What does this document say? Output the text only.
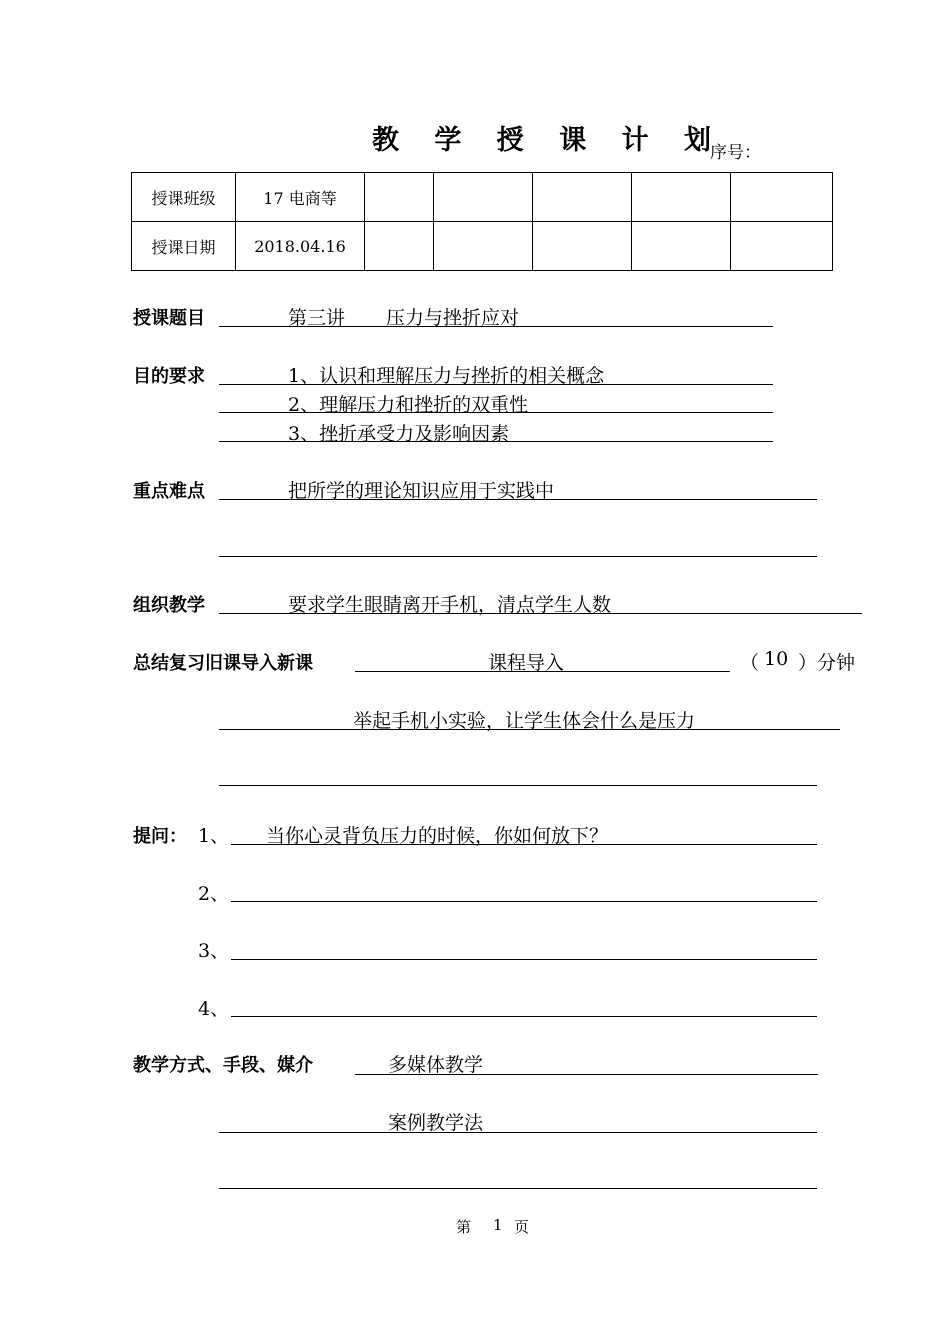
教 学 授 课 计 划
序号：
授课班级	17 电商等					
授课日期	2018.04.16					
授课题目	第三讲 压力与挫折应对
目的要求	1、认识和理解压力与挫折的相关概念
2、理解压力和挫折的双重性
3、挫折承受力及影响因素
重点难点	把所学的理论知识应用于实践中
组织教学	要求学生眼睛离开手机，清点学生人数
总结复习旧课导入新课	课程导入	（ 10 ）分钟
举起手机小实验，让学生体会什么是压力
提问： 1、 当你心灵背负压力的时候，你如何放下？
2、
3、
4、
教学方式、手段、媒介	多媒体教学
案例教学法
第 1 页
